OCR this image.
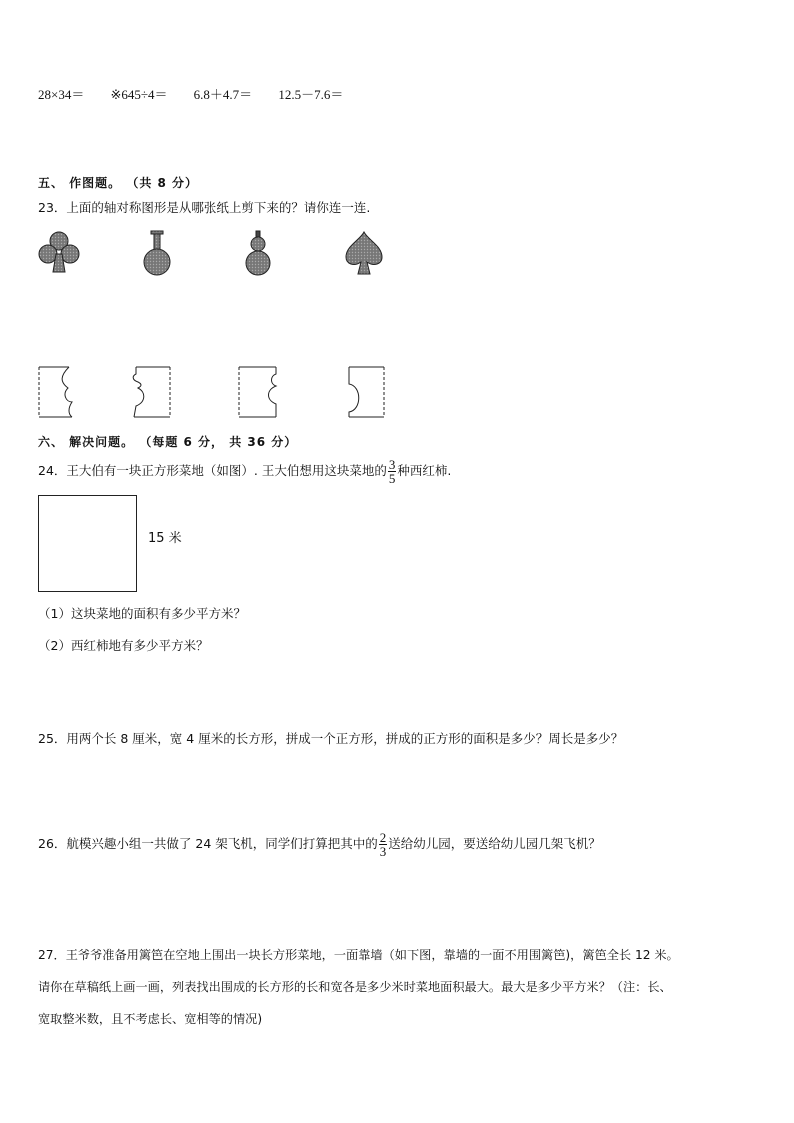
28×34＝ ※645÷4＝ 6.8＋4.7＝ 12.5－7.6＝
五、 作图题。 （共 8 分）
23．上面的轴对称图形是从哪张纸上剪下来的？请你连一连.
六、 解决问题。 （每题 6 分， 共 36 分）
24．王大伯有一块正方形菜地（如图）. 王大伯想用这块菜地的 $\frac{3}{5}$ 种西红柿.
15 米
（1）这块菜地的面积有多少平方米？
（2）西红柿地有多少平方米？
25．用两个长 8 厘米，宽 4 厘米的长方形，拼成一个正方形，拼成的正方形的面积是多少？周长是多少？
26．航模兴趣小组一共做了 24 架飞机，同学们打算把其中的 $\frac{2}{3}$ 送给幼儿园，要送给幼儿园几架飞机？
27．王爷爷准备用篱笆在空地上围出一块长方形菜地，一面靠墙（如下图，靠墙的一面不用围篱笆)，篱笆全长 12 米。
请你在草稿纸上画一画，列表找出围成的长方形的长和宽各是多少米时菜地面积最大。最大是多少平方米？（注：长、
宽取整米数，且不考虑长、宽相等的情况)
